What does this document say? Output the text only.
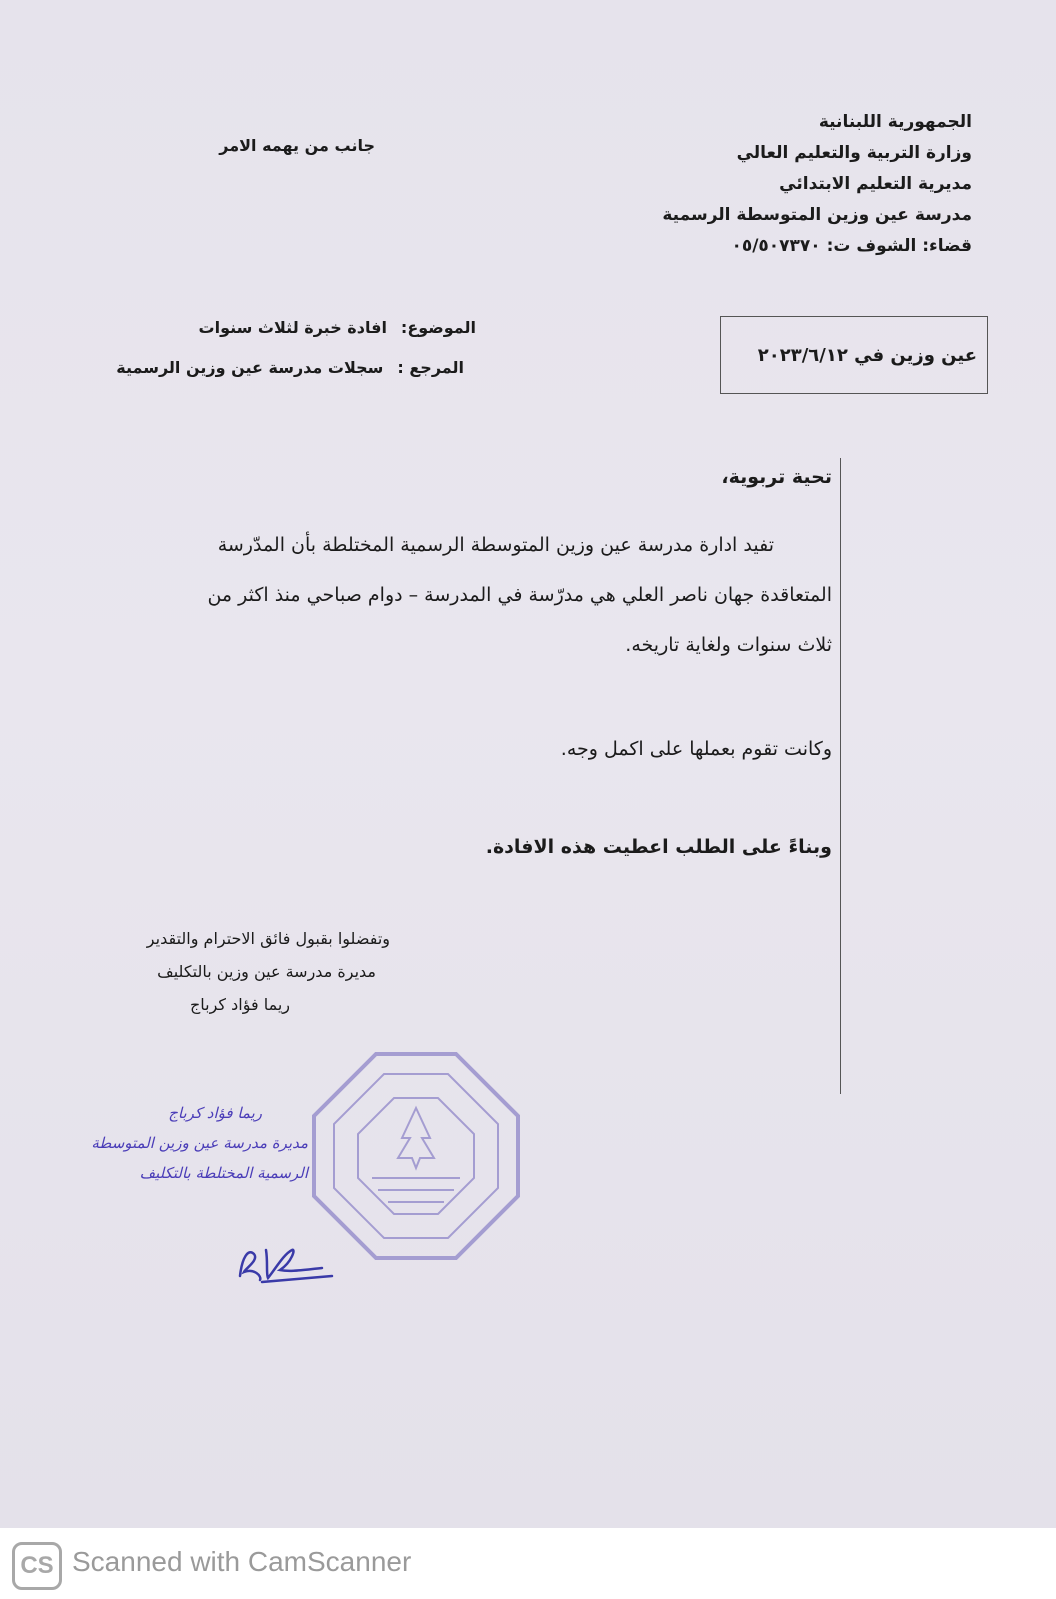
الجمهورية اللبنانية
وزارة التربية والتعليم العالي
مديرية التعليم الابتدائي
مدرسة عين وزين المتوسطة الرسمية
قضاء: الشوف ت: ٠٥/٥٠٧٣٧٠
جانب من يهمه الامر
عين وزين في ٢٠٢٣/٦/١٢
الموضوع:افادة خبرة لثلاث سنوات
المرجع :سجلات مدرسة عين وزين الرسمية
تحية تربوية،
تفيد ادارة مدرسة عين وزين المتوسطة الرسمية المختلطة بأن المدّرسة
المتعاقدة جهان ناصر العلي هي مدرّسة في المدرسة – دوام صباحي منذ اكثر من
ثلاث سنوات ولغاية تاريخه.
وكانت تقوم بعملها على اكمل وجه.
وبناءً على الطلب اعطيت هذه الافادة.
وتفضلوا بقبول فائق الاحترام والتقدير
مديرة مدرسة عين وزين بالتكليف
ريما فؤاد كرباج
ريما فؤاد كرباج
مديرة مدرسة عين وزين المتوسطة
الرسمية المختلطة بالتكليف
CS Scanned with CamScanner
